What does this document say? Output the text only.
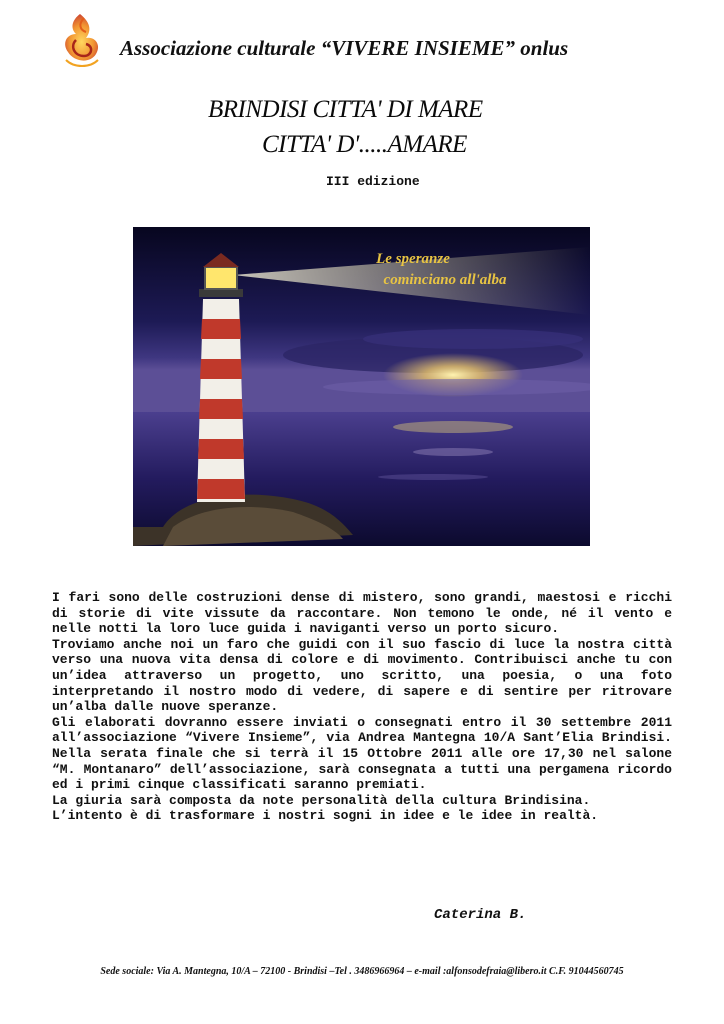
Associazione culturale “VIVERE INSIEME” onlus
BRINDISI CITTA' DI MARE
CITTA' D'.....AMARE
III edizione
Le speranze
cominciano all'alba

I fari sono delle costruzioni dense di mistero, sono grandi, maestosi e ricchi di storie di vite vissute da raccontare. Non temono le onde, né il vento e nelle notti la loro luce guida i naviganti verso un porto sicuro.

Troviamo anche noi un faro che guidi con il suo fascio di luce la nostra città verso una nuova vita densa di colore e di movimento. Contribuisci anche tu con un’idea attraverso un progetto, uno scritto, una poesia, o una foto interpretando il nostro modo di vedere, di sapere e di sentire per ritrovare un’alba dalle nuove speranze.

Gli elaborati dovranno essere inviati o consegnati entro il 30 settembre 2011 all’associazione “Vivere Insieme”, via Andrea Mantegna 10/A Sant’Elia Brindisi. Nella serata finale che si terrà il 15 Ottobre 2011 alle ore 17,30 nel salone “M. Montanaro” dell’associazione, sarà consegnata a tutti una pergamena ricordo ed i primi cinque classificati saranno premiati.

La giuria sarà composta da note personalità della cultura Brindisina.

L’intento è di trasformare i nostri sogni in idee e le idee in realtà.

Caterina B.
Sede sociale: Via A. Mantegna, 10/A – 72100 - Brindisi –Tel . 3486966964 – e-mail :alfonsodefraia@libero.it C.F. 91044560745
